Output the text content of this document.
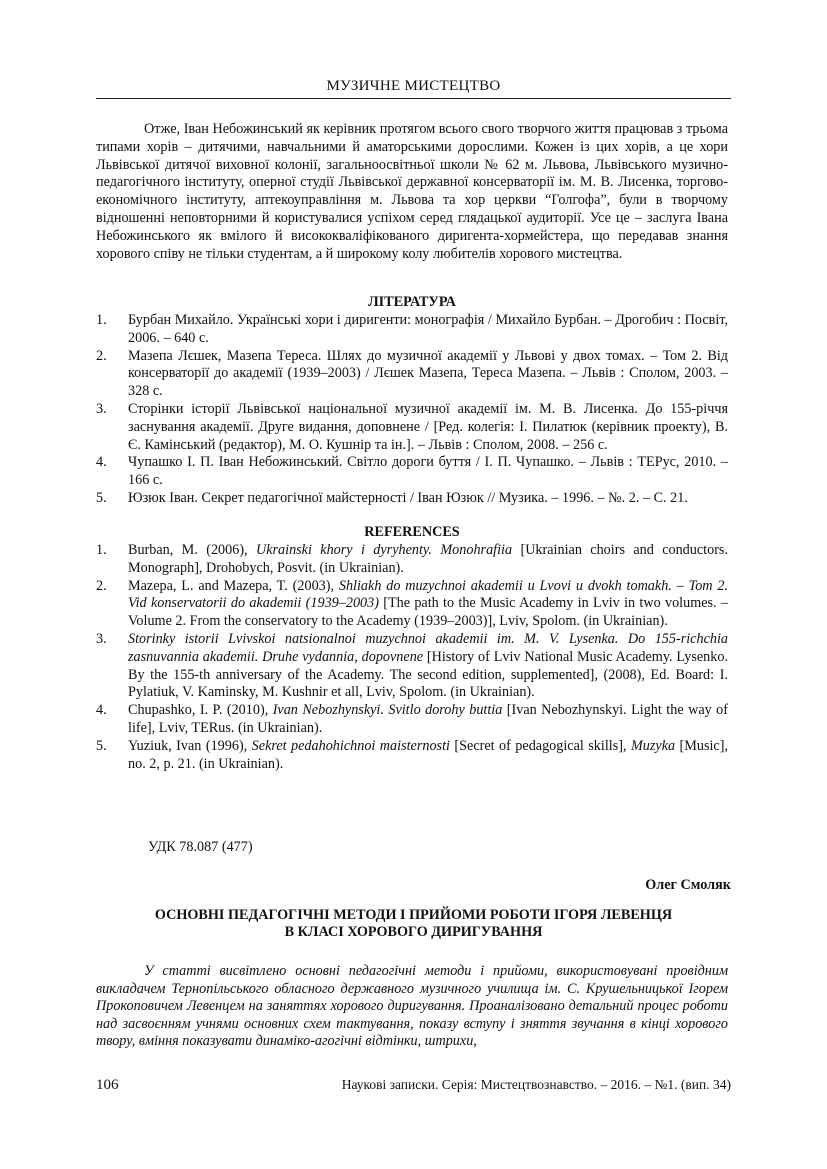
МУЗИЧНЕ МИСТЕЦТВО

Отже, Іван Небожинський як керівник протягом всього свого творчого життя працював з трьома типами хорів – дитячими, навчальними й аматорськими дорослими. Кожен із цих хорів, а це хори Львівської дитячої виховної колонії, загальноосвітньої школи № 62 м. Львова, Львівського музично-педагогічного інституту, оперної студії Львівської державної консерваторії ім. М. В. Лисенка, торгово-економічного інституту, аптекоуправління м. Львова та хор церкви “Голгофа”, були в творчому відношенні неповторними й користувалися успіхом серед глядацької аудиторії. Усе це – заслуга Івана Небожинського як вмілого й висококваліфікованого диригента-хормейстера, що передавав знання хорового співу не тільки студентам, а й широкому колу любителів хорового мистецтва.

ЛІТЕРАТУРА
1.	Бурбан Михайло. Українські хори і диригенти: монографія / Михайло Бурбан. – Дрогобич : Посвіт, 2006. – 640 с.
2.	Мазепа Лєшек, Мазепа Тереса. Шлях до музичної академії у Львові у двох томах. – Том 2. Від консерваторії до академії (1939–2003) / Лєшек Мазепа, Тереса Мазепа. – Львів : Сполом, 2003. – 328 с.
3.	Сторінки історії Львівської національної музичної академії ім. М. В. Лисенка. До 155-річчя заснування академії. Друге видання, доповнене / [Ред. колегія: І. Пилатюк (керівник проекту), В. Є. Камінський (редактор), М. О. Кушнір та ін.]. – Львів : Сполом, 2008. – 256 с.
4.	Чупашко І. П. Іван Небожинський. Світло дороги буття / І. П. Чупашко. – Львів : ТЕРус, 2010. – 166 с.
5.	Юзюк Іван. Секрет педагогічної майстерності / Іван Юзюк // Музика. – 1996. – №. 2. – С. 21.
REFERENCES
1.	Burban, M. (2006), Ukrainski khory i dyryhenty. Monohrafiia [Ukrainian choirs and conductors. Monograph], Drohobych, Posvit. (in Ukrainian).
2.	Mazepa, L. and Mazepa, T. (2003), Shliakh do muzychnoi akademii u Lvovi u dvokh tomakh. – Tom 2. Vid konservatorii do akademii (1939–2003) [The path to the Music Academy in Lviv in two volumes. – Volume 2. From the conservatory to the Academy (1939–2003)], Lviv, Spolom. (in Ukrainian).
3.	Storinky istorii Lvivskoi natsionalnoi muzychnoi akademii im. M. V. Lysenka. Do 155-richchia zasnuvannia akademii. Druhe vydannia, dopovnene [History of Lviv National Music Academy. Lysenko. By the 155-th anniversary of the Academy. The second edition, supplemented], (2008), Ed. Board: I. Pylatiuk, V. Kaminsky, M. Kushnir et all, Lviv, Spolom. (in Ukrainian).
4.	Chupashko, I. P. (2010), Ivan Nebozhynskyi. Svitlo dorohy buttia [Ivan Nebozhynskyi. Light the way of life], Lviv, TERus. (in Ukrainian).
5.	Yuziuk, Ivan (1996), Sekret pedahohichnoi maisternosti [Secret of pedagogical skills], Muzyka [Music], no. 2, p. 21. (in Ukrainian).
УДК 78.087 (477)
Олег Смоляк
ОСНОВНІ ПЕДАГОГІЧНІ МЕТОДИ І ПРИЙОМИ РОБОТИ ІГОРЯ ЛЕВЕНЦЯ
В КЛАСІ ХОРОВОГО ДИРИГУВАННЯ

У статті висвітлено основні педагогічні методи і прийоми, використовувані провідним викладачем Тернопільського обласного державного музичного училища ім. С. Крушельницької Ігорем Прокоповичем Левенцем на заняттях хорового диригування. Проаналізовано детальний процес роботи над засвоєнням учнями основних схем тактування, показу вступу і зняття звучання в кінці хорового твору, вміння показувати динаміко-агогічні відтінки, штрихи,

106	Наукові записки. Серія: Мистецтвознавство. – 2016. – №1. (вип. 34)
